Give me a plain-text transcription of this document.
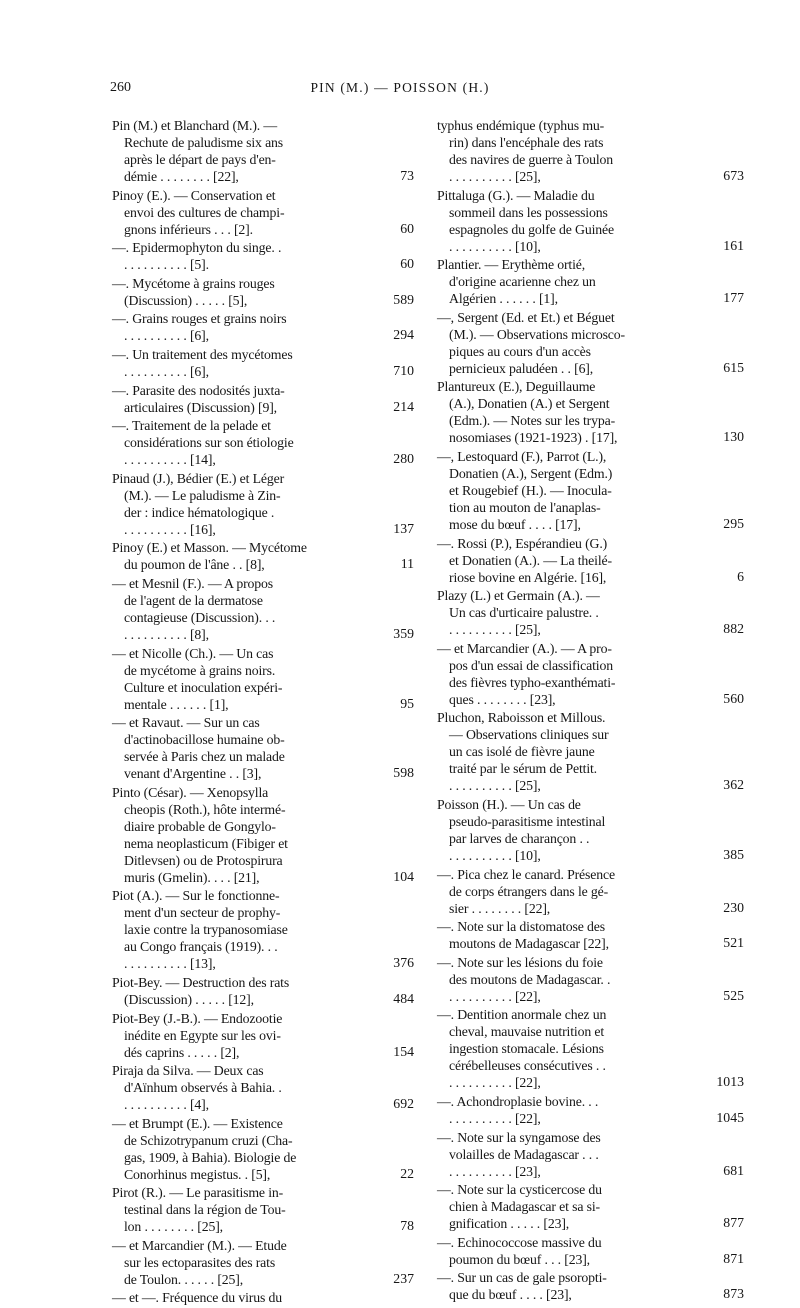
260	PIN (M.) — POISSON (H.)
Pin (M.) et Blanchard (M.). —
Rechute de paludisme six ans
après le départ de pays d'en-
démie . . . . . . . . [22],	73
Pinoy (E.). — Conservation et
envoi des cultures de champi-
gnons inférieurs . . . [2].	60
—. Epidermophyton du singe. .
. . . . . . . . . . [5].	60
—. Mycétome à grains rouges
(Discussion) . . . . . [5],	589
—. Grains rouges et grains noirs
. . . . . . . . . . [6],	294
—. Un traitement des mycétomes
. . . . . . . . . . [6],	710
—. Parasite des nodosités juxta-
articulaires (Discussion) [9],	214
—. Traitement de la pelade et
considérations sur son étiologie
. . . . . . . . . . [14],	280
Pinaud (J.), Bédier (E.) et Léger
(M.). — Le paludisme à Zin-
der : indice hématologique .
. . . . . . . . . . [16],	137
Pinoy (E.) et Masson. — Mycétome
du poumon de l'âne . . [8],	11
— et Mesnil (F.). — A propos
de l'agent de la dermatose
contagieuse (Discussion). . .
. . . . . . . . . . [8],	359
— et Nicolle (Ch.). — Un cas
de mycétome à grains noirs.
Culture et inoculation expéri-
mentale . . . . . . [1],	95
— et Ravaut. — Sur un cas
d'actinobacillose humaine ob-
servée à Paris chez un malade
venant d'Argentine . . [3],	598
Pinto (César). — Xenopsylla
cheopis (Roth.), hôte intermé-
diaire probable de Gongylo-
nema neoplasticum (Fibiger et
Ditlevsen) ou de Protospirura
muris (Gmelin). . . . [21],	104
Piot (A.). — Sur le fonctionne-
ment d'un secteur de prophy-
laxie contre la trypanosomiase
au Congo français (1919). . .
. . . . . . . . . . [13],	376
Piot-Bey. — Destruction des rats
(Discussion) . . . . . [12],	484
Piot-Bey (J.-B.). — Endozootie
inédite en Egypte sur les ovi-
dés caprins . . . . . [2],	154
Piraja da Silva. — Deux cas
d'Aïnhum observés à Bahia. .
. . . . . . . . . . [4],	692
— et Brumpt (E.). — Existence
de Schizotrypanum cruzi (Cha-
gas, 1909, à Bahia). Biologie de
Conorhinus megistus. . [5],	22
Pirot (R.). — Le parasitisme in-
testinal dans la région de Tou-
lon . . . . . . . . [25],	78
— et Marcandier (M.). — Etude
sur les ectoparasites des rats
de Toulon. . . . . . [25],	237
— et —. Fréquence du virus du
typhus endémique (typhus mu-
rin) dans l'encéphale des rats
des navires de guerre à Toulon
. . . . . . . . . . [25],	673
Pittaluga (G.). — Maladie du
sommeil dans les possessions
espagnoles du golfe de Guinée
. . . . . . . . . . [10],	161
Plantier. — Erythème ortié,
d'origine acarienne chez un
Algérien . . . . . . [1],	177
—, Sergent (Ed. et Et.) et Béguet
(M.). — Observations microsco-
piques au cours d'un accès
pernicieux paludéen . . [6],	615
Plantureux (E.), Deguillaume
(A.), Donatien (A.) et Sergent
(Edm.). — Notes sur les trypa-
nosomiases (1921-1923) . [17],	130
—, Lestoquard (F.), Parrot (L.),
Donatien (A.), Sergent (Edm.)
et Rougebief (H.). — Inocula-
tion au mouton de l'anaplas-
mose du bœuf . . . . [17],	295
—. Rossi (P.), Espérandieu (G.)
et Donatien (A.). — La theilé-
riose bovine en Algérie. [16],	6
Plazy (L.) et Germain (A.). —
Un cas d'urticaire palustre. .
. . . . . . . . . . [25],	882
— et Marcandier (A.). — A pro-
pos d'un essai de classification
des fièvres typho-exanthémati-
ques . . . . . . . . [23],	560
Pluchon, Raboisson et Millous.
— Observations cliniques sur
un cas isolé de fièvre jaune
traité par le sérum de Pettit.
. . . . . . . . . . [25],	362
Poisson (H.). — Un cas de
pseudo-parasitisme intestinal
par larves de charançon . .
. . . . . . . . . . [10],	385
—. Pica chez le canard. Présence
de corps étrangers dans le gé-
sier . . . . . . . . [22],	230
—. Note sur la distomatose des
moutons de Madagascar [22],	521
—. Note sur les lésions du foie
des moutons de Madagascar. .
. . . . . . . . . . [22],	525
—. Dentition anormale chez un
cheval, mauvaise nutrition et
ingestion stomacale. Lésions
cérébelleuses consécutives . .
. . . . . . . . . . [22],	1013
—. Achondroplasie bovine. . .
. . . . . . . . . . [22],	1045
—. Note sur la syngamose des
volailles de Madagascar . . .
. . . . . . . . . . [23],	681
—. Note sur la cysticercose du
chien à Madagascar et sa si-
gnification . . . . . [23],	877
—. Echinococcose massive du
poumon du bœuf . . . [23],	871
—. Sur un cas de gale psoropti-
que du bœuf . . . . [23],	873
